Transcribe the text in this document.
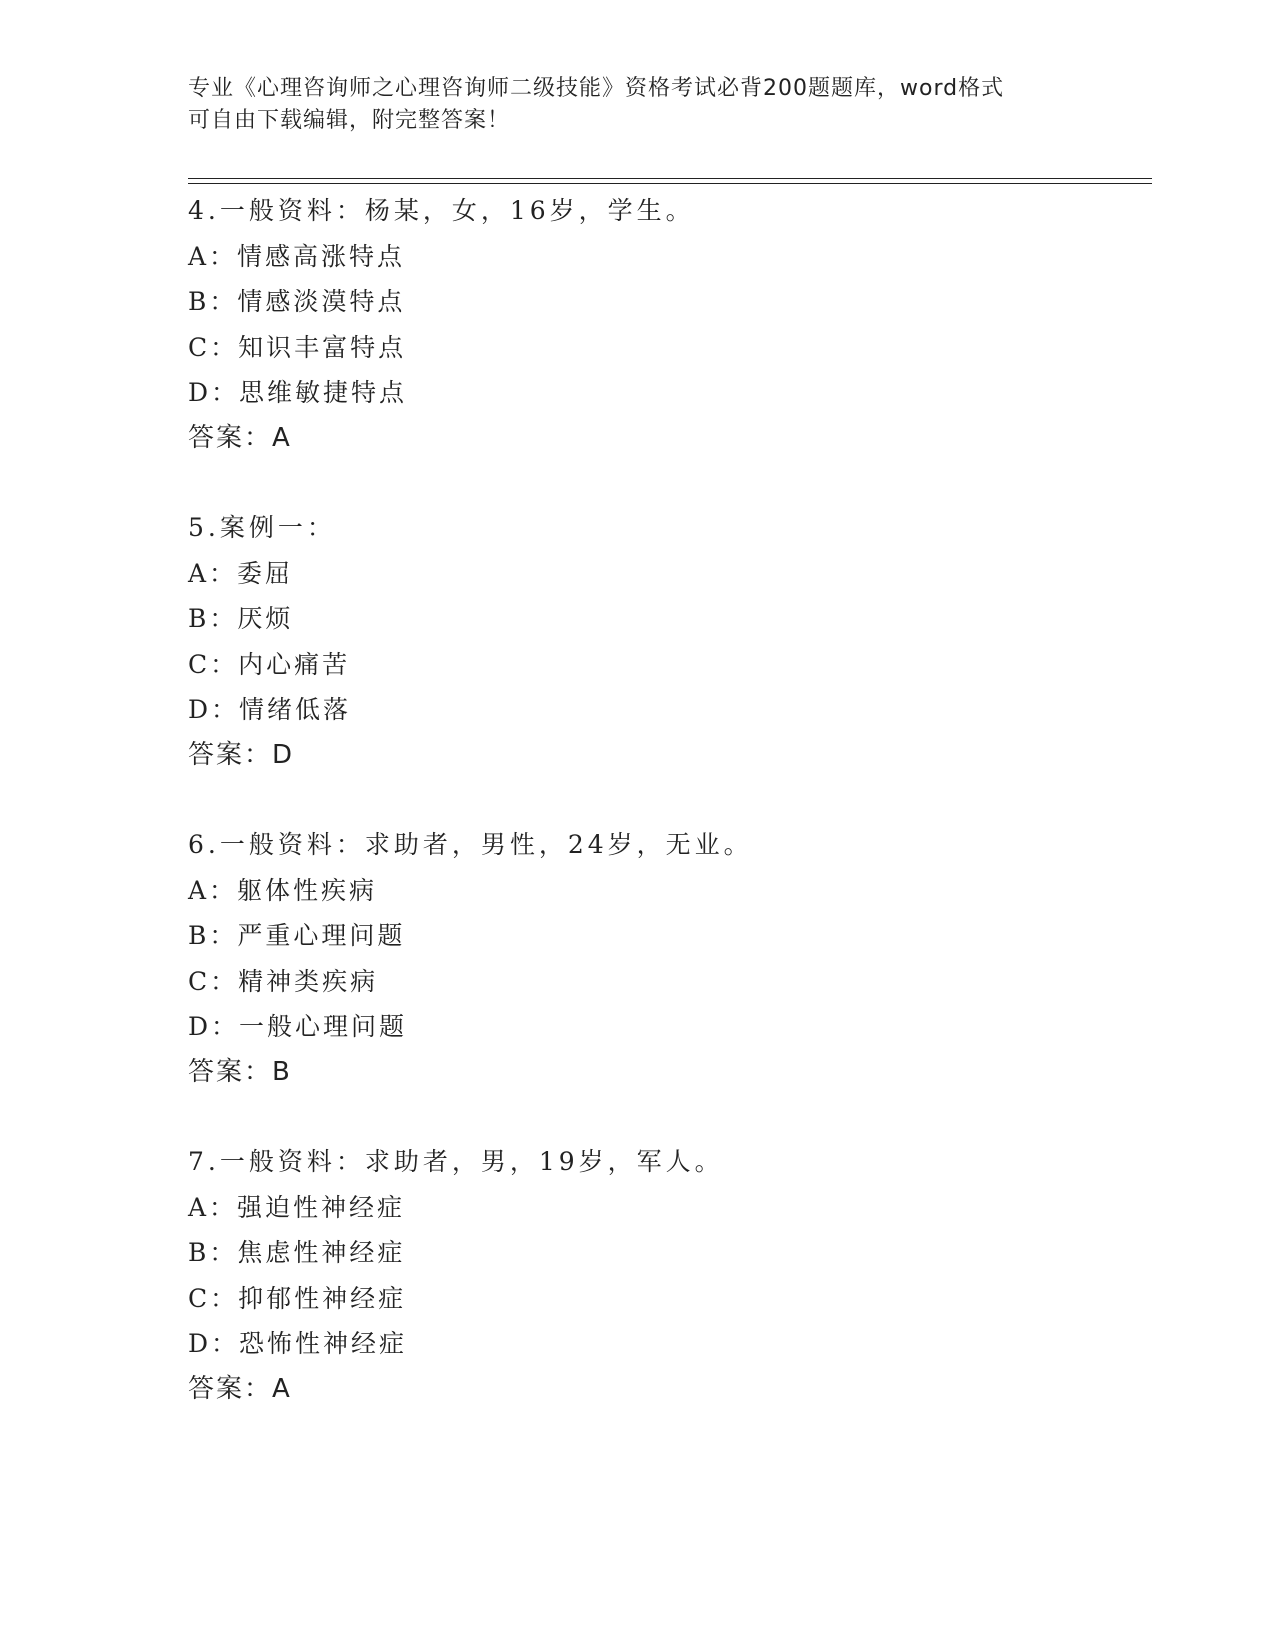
专业《心理咨询师之心理咨询师二级技能》资格考试必背200题题库，word格式
可自由下载编辑，附完整答案！
4.一般资料：杨某，女，16岁，学生。
A：情感高涨特点
B：情感淡漠特点
C：知识丰富特点
D：思维敏捷特点
答案：A
5.案例一：
A：委屈
B：厌烦
C：内心痛苦
D：情绪低落
答案：D
6.一般资料：求助者，男性，24岁，无业。
A：躯体性疾病
B：严重心理问题
C：精神类疾病
D：一般心理问题
答案：B
7.一般资料：求助者，男，19岁，军人。
A：强迫性神经症
B：焦虑性神经症
C：抑郁性神经症
D：恐怖性神经症
答案：A
